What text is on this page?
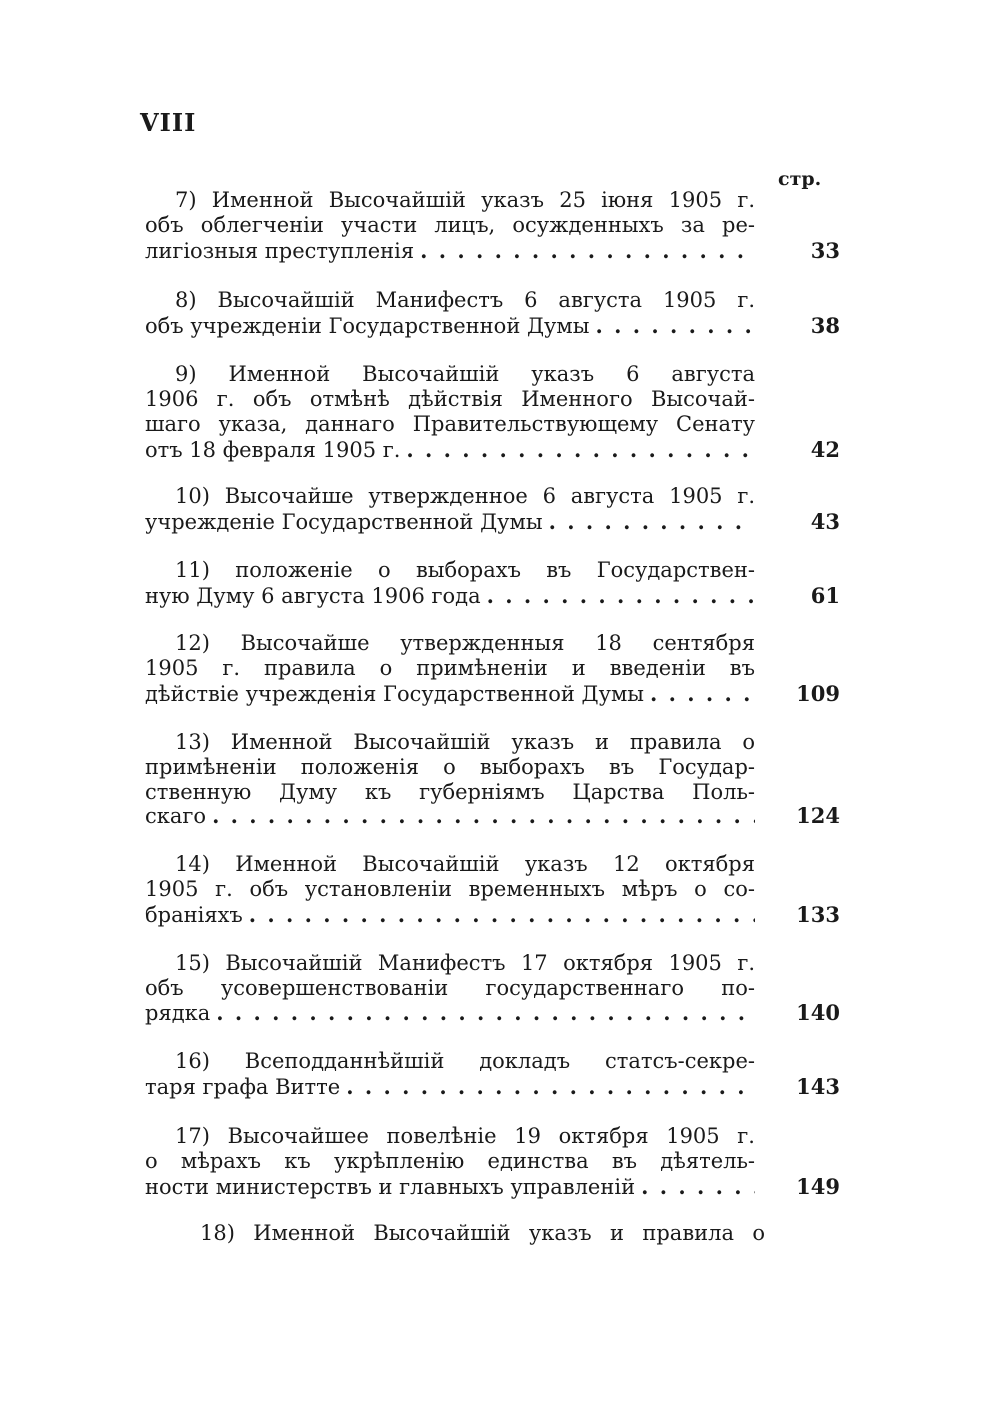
VIII
стр.
7) Именной Высочайшій указъ 25 іюня 1905 г.
объ облегченіи участи лицъ, осужденныхъ за ре-
лигіозныя преступленія . . .	33
8) Высочайшій Манифестъ 6 августа 1905 г.
объ учрежденіи Государственной Думы . . .	38
9) Именной Высочайшій указъ 6 августа
1906 г. объ отмѣнѣ дѣйствія Именного Высочай-
шаго указа, даннаго Правительствующему Сенату
отъ 18 февраля 1905 г. . . .	42
10) Высочайше утвержденное 6 августа 1905 г.
учрежденіе Государственной Думы . . .	43
11) положеніе о выборахъ въ Государствен-
ную Думу 6 августа 1906 года . . .	61
12) Высочайше утвержденныя 18 сентября
1905 г. правила о примѣненіи и введеніи въ
дѣйствіе учрежденія Государственной Думы . . .	109
13) Именной Высочайшій указъ и правила о
примѣненіи положенія о выборахъ въ Государ-
ственную Думу къ губерніямъ Царства Поль-
скаго . . .	124
14) Именной Высочайшій указъ 12 октября
1905 г. объ установленіи временныхъ мѣръ о со-
браніяхъ . . .	133
15) Высочайшій Манифестъ 17 октября 1905 г.
объ усовершенствованіи государственнаго по-
рядка . . .	140
16) Всеподданнѣйшій докладъ статсъ-секре-
таря графа Витте . . .	143
17) Высочайшее повелѣніе 19 октября 1905 г.
о мѣрахъ къ укрѣпленію единства въ дѣятель-
ности министерствъ и главныхъ управленій . . .	149
18) Именной Высочайшій указъ и правила о
